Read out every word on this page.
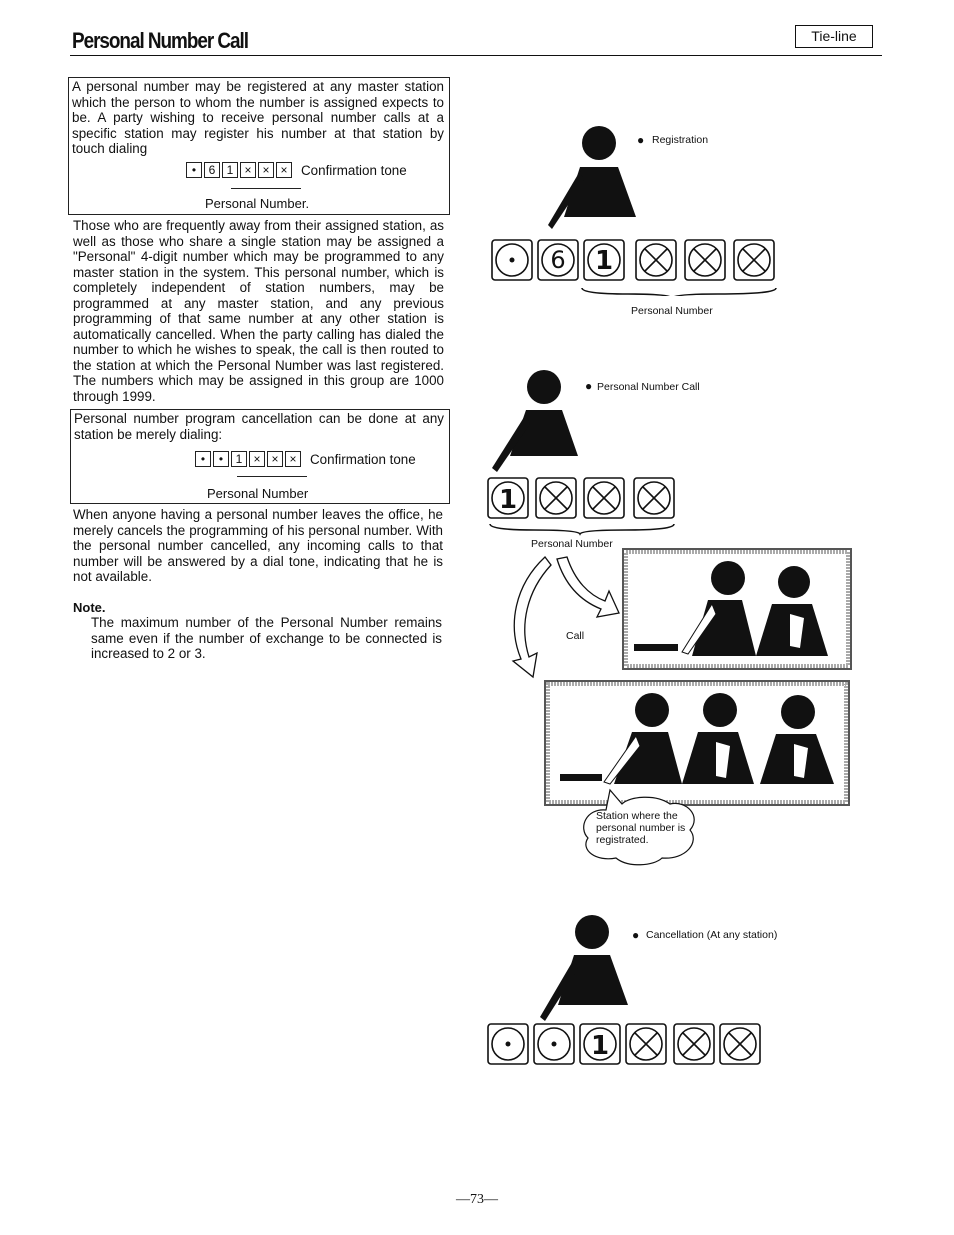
Personal Number Call	Tie-line

A personal number may be registered at any master station which the person to whom the number is assigned expects to be. A party wishing to receive personal number calls at a specific station may register his number at that station by touch dialing

•	6 1 × × ×	Confirmation tone
Personal Number.

Those who are frequently away from their assigned station, as well as those who share a single station may be assigned a "Personal" 4-digit number which may be programmed to any master station in the system. This personal number, which is completely independent of station numbers, may be programmed at any master station, and any previous programming of that same number at any other station is automatically cancelled. When the party calling has dialed the number to which he wishes to speak, the call is then routed to the station at which the Personal Number was last registered. The numbers which may be assigned in this group are 1000 through 1999.

Personal number program cancellation can be done at any station be merely dialing:

•	•	1 × × ×	Confirmation tone
Personal Number

When anyone having a personal number leaves the office, he merely cancels the programming of his personal number. With the personal number cancelled, any incoming calls to that number will be answered by a dial tone, indicating that he is not available.

Note.

The maximum number of the Personal Number remains same even if the number of exchange to be connected is increased to 2 or 3.

● Registration
6 1
Personal Number
● Personal Number Call
1
Personal Number
Call
Station where the personal number is registrated.
● Cancellation (At any station)
1
—73—
